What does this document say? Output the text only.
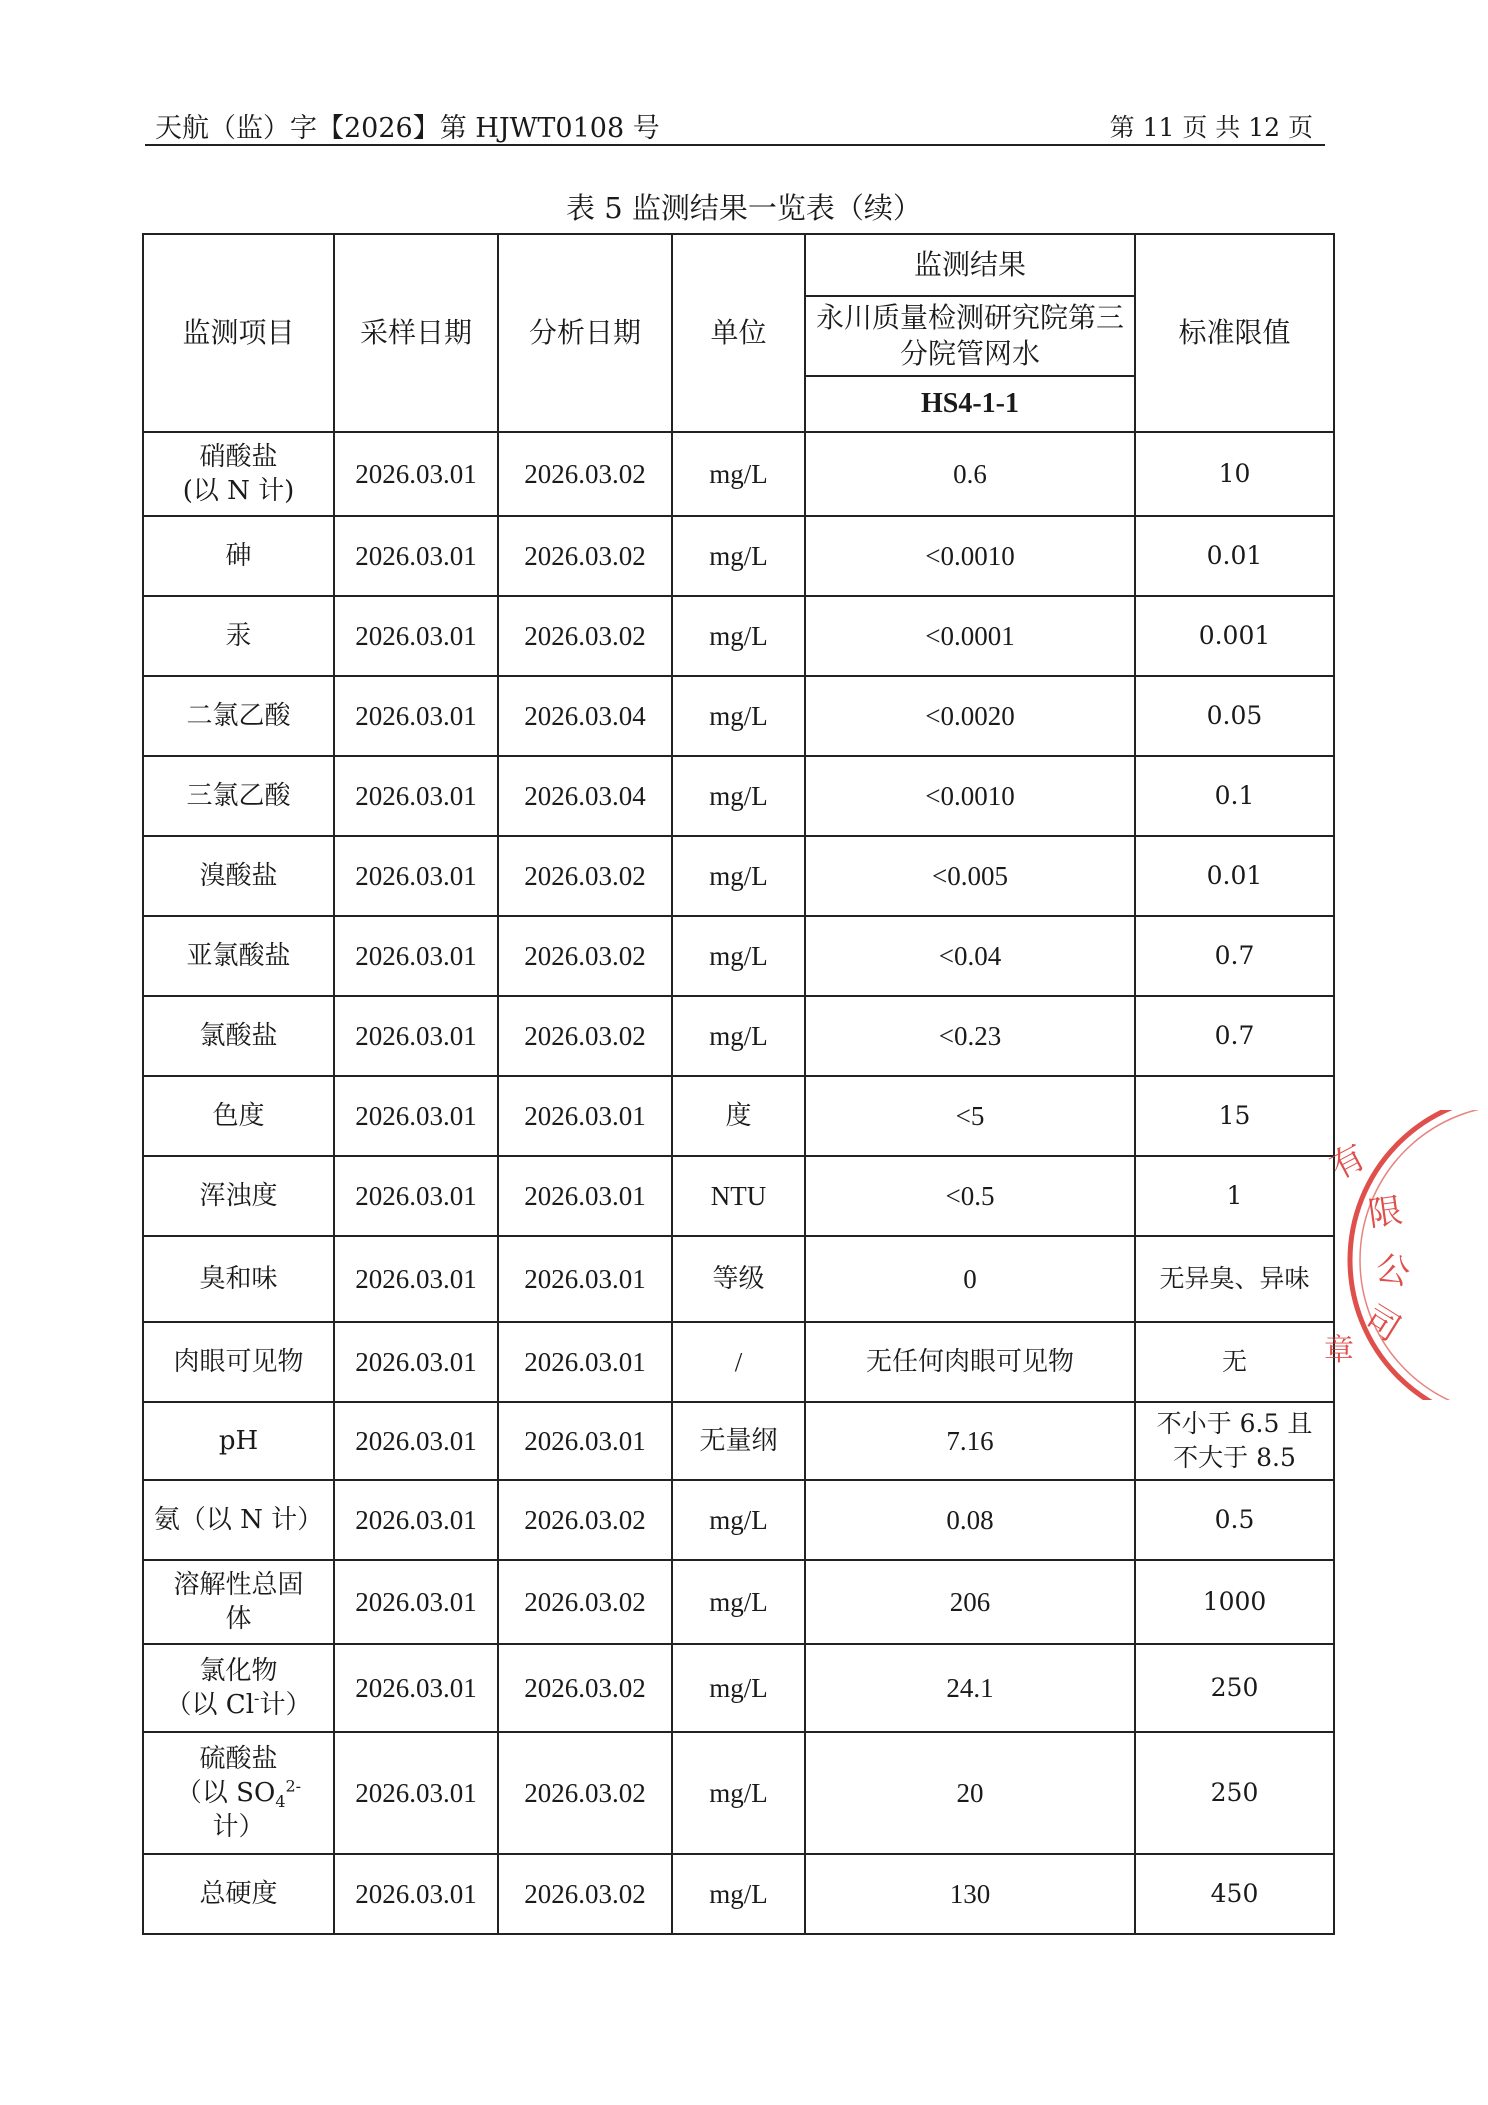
天航（监）字【2026】第 HJWT0108 号	第 11 页 共 12 页
表 5 监测结果一览表（续）
监测项目	采样日期	分析日期	单位	监测结果	标准限值
				永川质量检测研究院第三分院管网水	
				HS4-1-1	
硝酸盐
(以 N 计)	2026.03.01	2026.03.02	mg/L	0.6	10
砷	2026.03.01	2026.03.02	mg/L	<0.0010	0.01
汞	2026.03.01	2026.03.02	mg/L	<0.0001	0.001
二氯乙酸	2026.03.01	2026.03.04	mg/L	<0.0020	0.05
三氯乙酸	2026.03.01	2026.03.04	mg/L	<0.0010	0.1
溴酸盐	2026.03.01	2026.03.02	mg/L	<0.005	0.01
亚氯酸盐	2026.03.01	2026.03.02	mg/L	<0.04	0.7
氯酸盐	2026.03.01	2026.03.02	mg/L	<0.23	0.7
色度	2026.03.01	2026.03.01	度	<5	15
浑浊度	2026.03.01	2026.03.01	NTU	<0.5	1
臭和味	2026.03.01	2026.03.01	等级	0	无异臭、异味
肉眼可见物	2026.03.01	2026.03.01	/	无任何肉眼可见物	无
pH	2026.03.01	2026.03.01	无量纲	7.16	不小于 6.5 且
不大于 8.5
氨（以 N 计）	2026.03.01	2026.03.02	mg/L	0.08	0.5
溶解性总固
体	2026.03.01	2026.03.02	mg/L	206	1000
氯化物
（以 Cl-计）	2026.03.01	2026.03.02	mg/L	24.1	250
硫酸盐
（以 $SO_4^{2-}$
计）	2026.03.01	2026.03.02	mg/L	20	250
总硬度	2026.03.01	2026.03.02	mg/L	130	450
有
限
公
司
章
